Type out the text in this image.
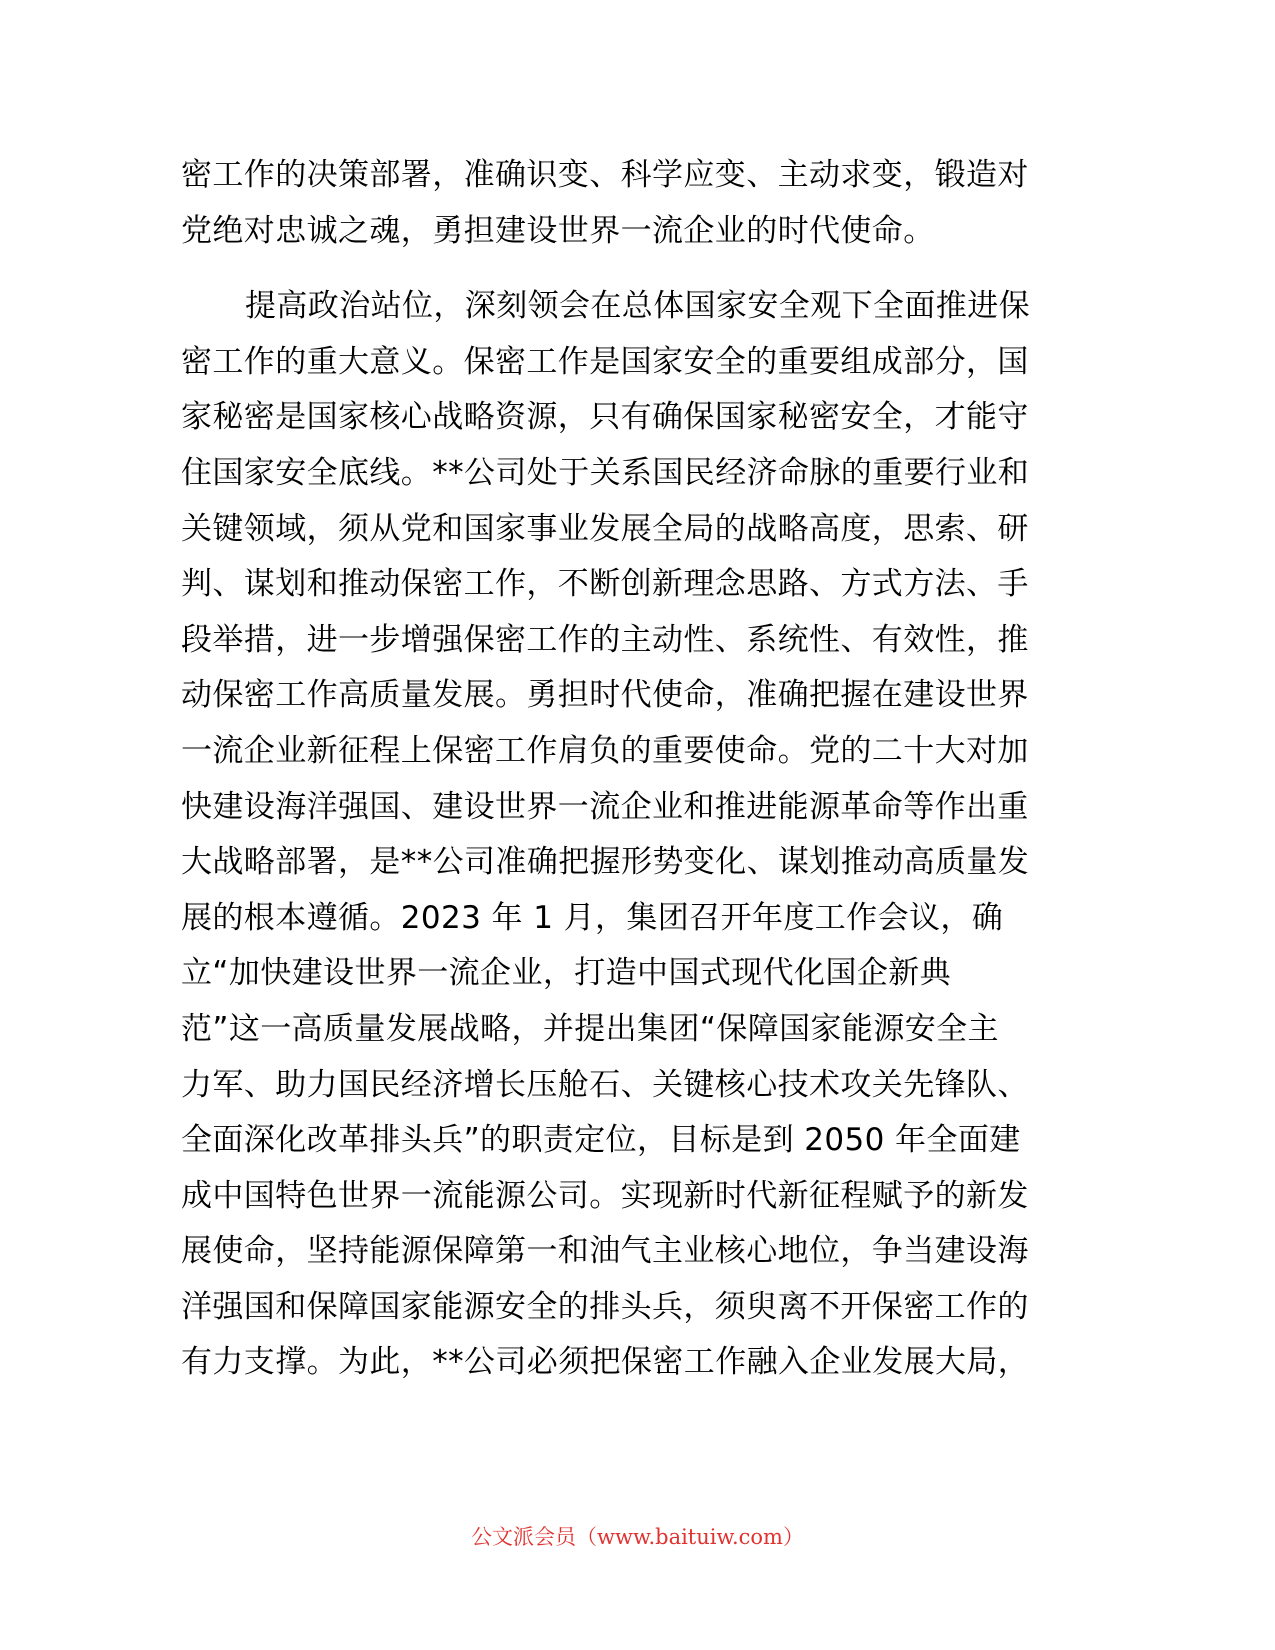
密工作的决策部署，准确识变、科学应变、主动求变，锻造对
党绝对忠诚之魂，勇担建设世界一流企业的时代使命。
提高政治站位，深刻领会在总体国家安全观下全面推进保
密工作的重大意义。保密工作是国家安全的重要组成部分，国
家秘密是国家核心战略资源，只有确保国家秘密安全，才能守
住国家安全底线。**公司处于关系国民经济命脉的重要行业和
关键领域，须从党和国家事业发展全局的战略高度，思索、研
判、谋划和推动保密工作，不断创新理念思路、方式方法、手
段举措，进一步增强保密工作的主动性、系统性、有效性，推
动保密工作高质量发展。勇担时代使命，准确把握在建设世界
一流企业新征程上保密工作肩负的重要使命。党的二十大对加
快建设海洋强国、建设世界一流企业和推进能源革命等作出重
大战略部署，是**公司准确把握形势变化、谋划推动高质量发
展的根本遵循。2023 年 1 月，集团召开年度工作会议，确
立“加快建设世界一流企业，打造中国式现代化国企新典
范”这一高质量发展战略，并提出集团“保障国家能源安全主
力军、助力国民经济增长压舱石、关键核心技术攻关先锋队、
全面深化改革排头兵”的职责定位，目标是到 2050 年全面建
成中国特色世界一流能源公司。实现新时代新征程赋予的新发
展使命，坚持能源保障第一和油气主业核心地位，争当建设海
洋强国和保障国家能源安全的排头兵，须臾离不开保密工作的
有力支撑。为此，**公司必须把保密工作融入企业发展大局，
公文派会员（www.baituiw.com）
